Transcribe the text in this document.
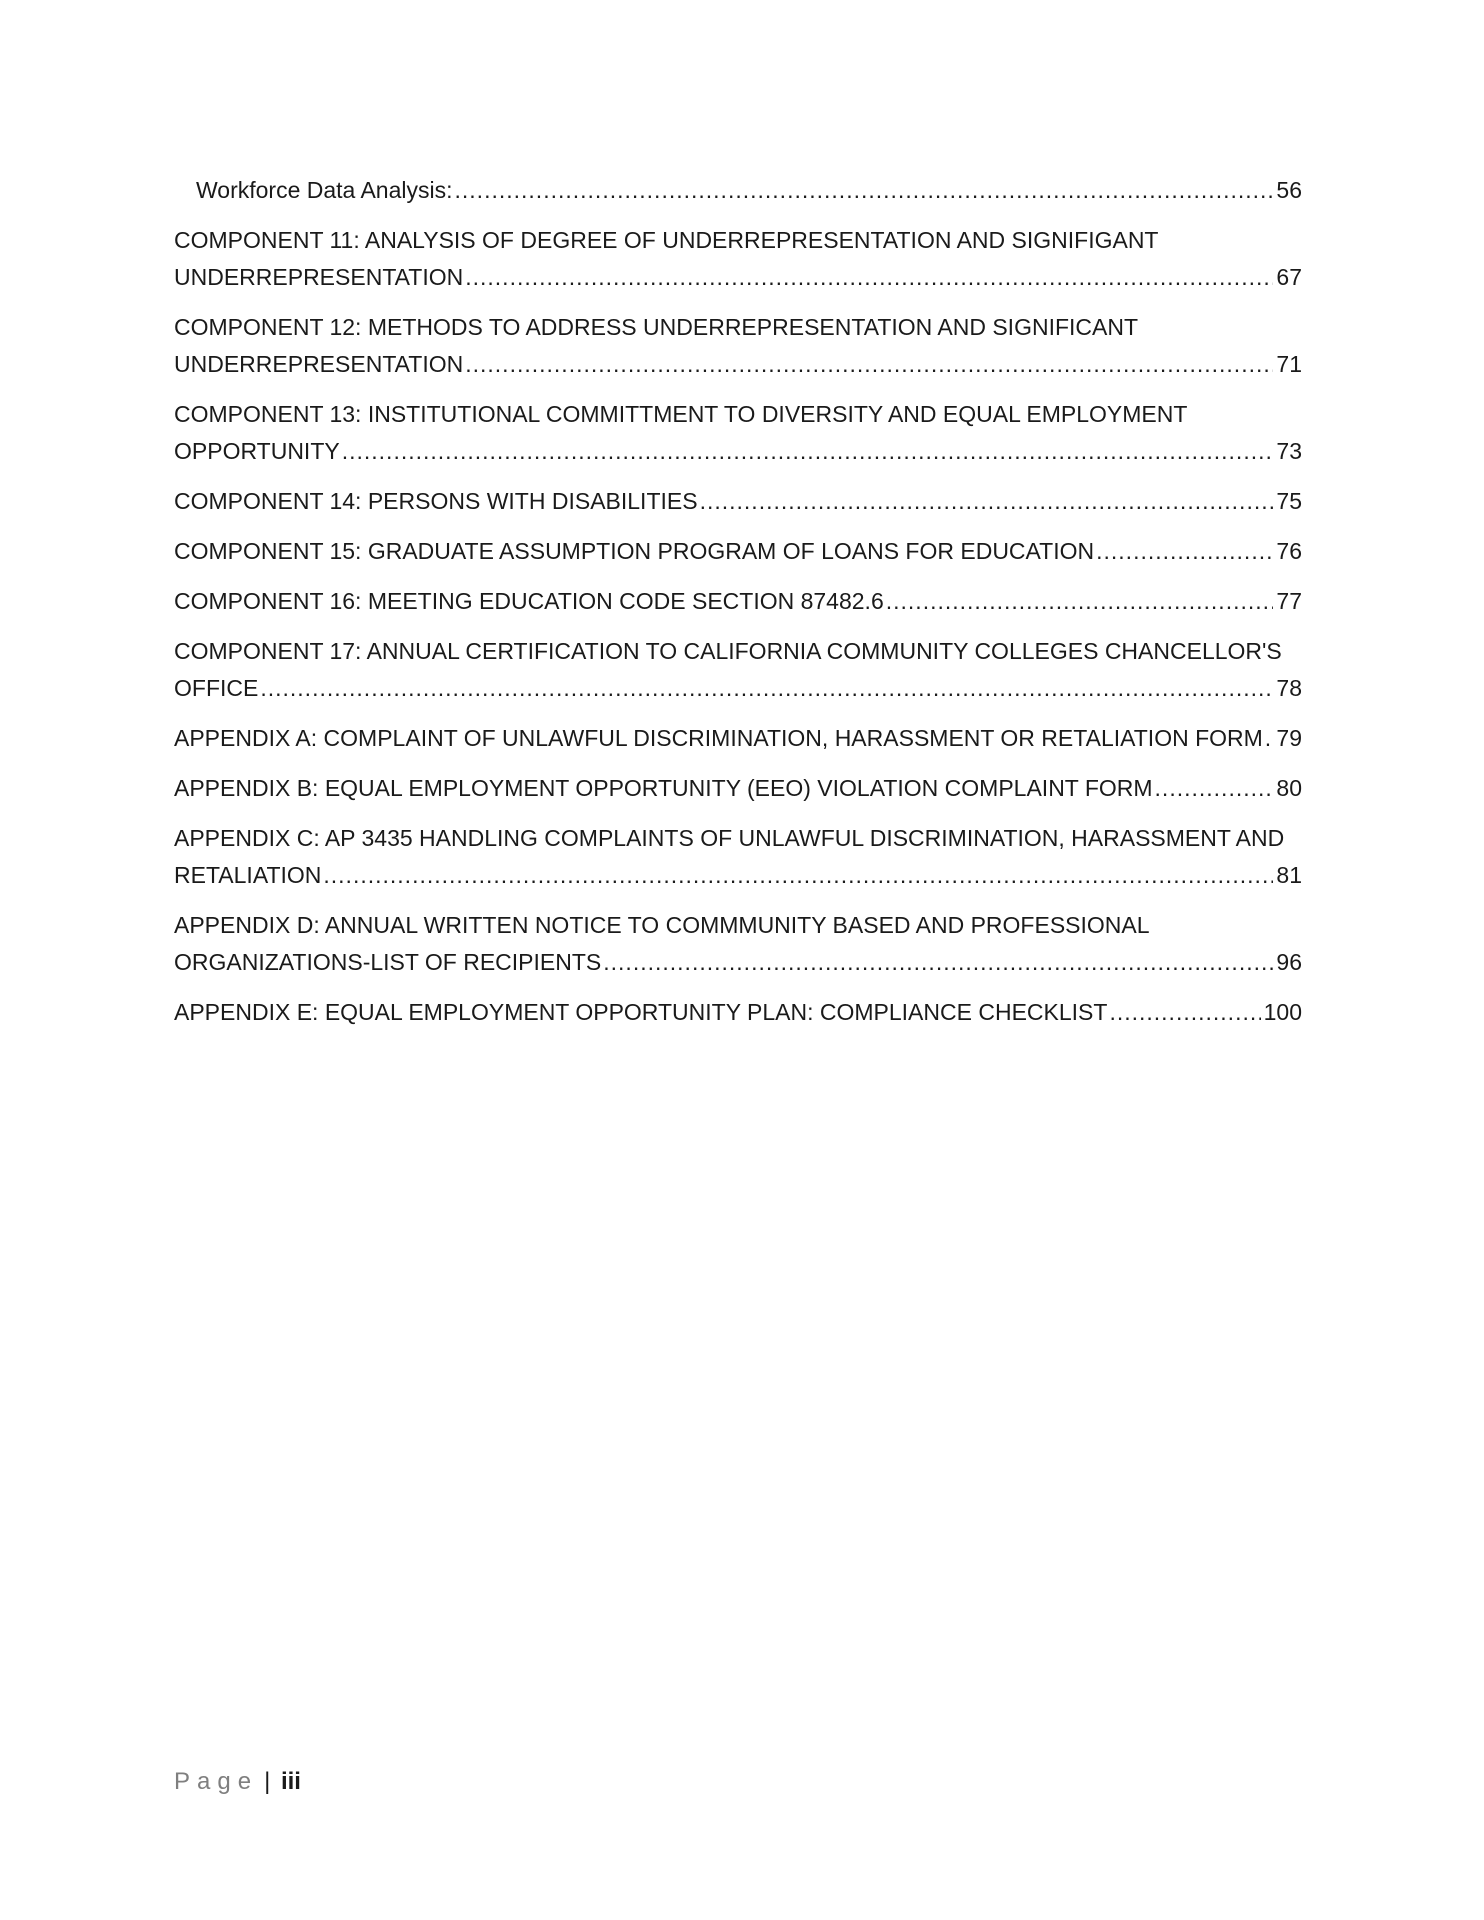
Workforce Data Analysis: .....	56
COMPONENT 11: ANALYSIS OF DEGREE OF UNDERREPRESENTATION AND SIGNIFIGANT
UNDERREPRESENTATION .....	67
COMPONENT 12: METHODS TO ADDRESS UNDERREPRESENTATION AND SIGNIFICANT
UNDERREPRESENTATION .....	71
COMPONENT 13: INSTITUTIONAL COMMITTMENT TO DIVERSITY AND EQUAL EMPLOYMENT
OPPORTUNITY .....	73
COMPONENT 14: PERSONS WITH DISABILITIES .....	75
COMPONENT 15: GRADUATE ASSUMPTION PROGRAM OF LOANS FOR EDUCATION .....	76
COMPONENT 16: MEETING EDUCATION CODE SECTION 87482.6 .....	77
COMPONENT 17: ANNUAL CERTIFICATION TO CALIFORNIA COMMUNITY COLLEGES CHANCELLOR'S
OFFICE .....	78
APPENDIX A: COMPLAINT OF UNLAWFUL DISCRIMINATION, HARASSMENT OR RETALIATION FORM ..... 79
APPENDIX B: EQUAL EMPLOYMENT OPPORTUNITY (EEO) VIOLATION COMPLAINT FORM .....	80
APPENDIX C: AP 3435 HANDLING COMPLAINTS OF UNLAWFUL DISCRIMINATION, HARASSMENT AND
RETALIATION .....	81
APPENDIX D: ANNUAL WRITTEN NOTICE TO COMMMUNITY BASED AND PROFESSIONAL
ORGANIZATIONS-LIST OF RECIPIENTS .....	96
APPENDIX E: EQUAL EMPLOYMENT OPPORTUNITY PLAN: COMPLIANCE CHECKLIST .....	100
Page | iii
